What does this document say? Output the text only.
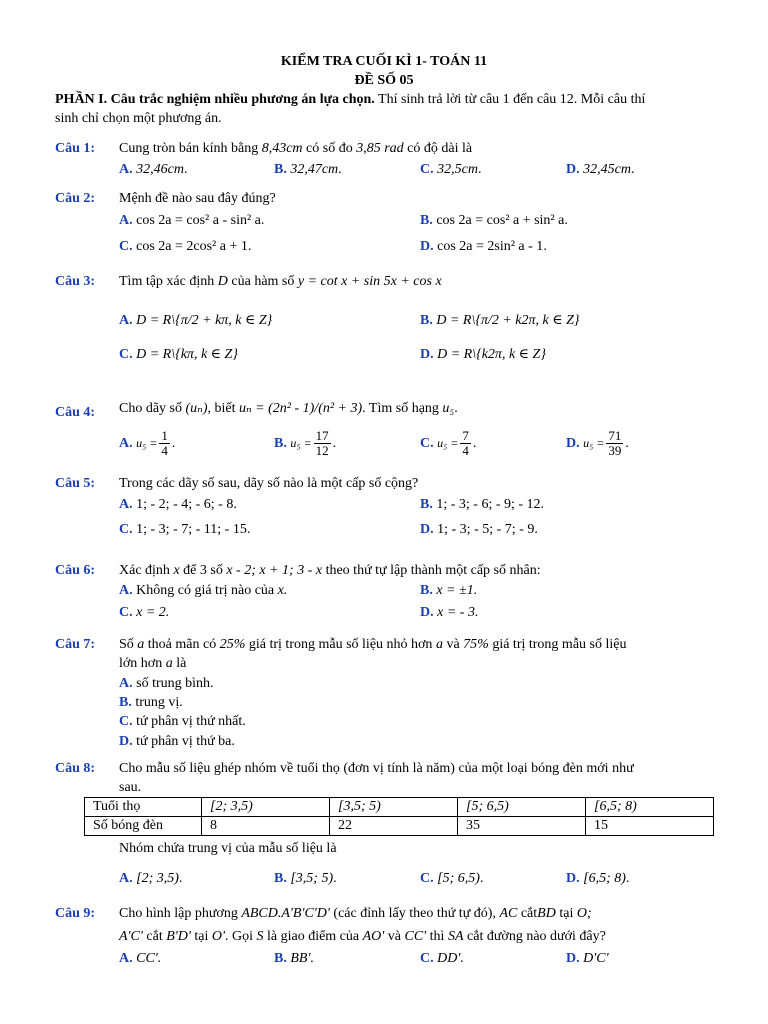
KIỂM TRA CUỐI KÌ 1- TOÁN 11
ĐỀ SỐ 05
PHẦN I. Câu trắc nghiệm nhiều phương án lựa chọn. Thí sinh trả lời từ câu 1 đến câu 12. Mỗi câu thí
sinh chỉ chọn một phương án.
Câu 1: Cung tròn bán kính bằng 8,43cm có số đo 3,85 rad có độ dài là
A. 32,46cm.	B. 32,47cm.	C. 32,5cm.	D. 32,45cm.
Câu 2: Mệnh đề nào sau đây đúng?
A. cos 2a = cos² a - sin² a.	B. cos 2a = cos² a + sin² a.
C. cos 2a = 2cos² a + 1.	D. cos 2a = 2sin² a - 1.
Câu 3: Tìm tập xác định D của hàm số y = cot x + sin 5x + cos x
A. D = R\{π/2 + kπ, k ∈ Z}	B. D = R\{π/2 + k2π, k ∈ Z}
C. D = R\{kπ, k ∈ Z}	D. D = R\{k2π, k ∈ Z}
Câu 4: Cho dãy số (uₙ), biết uₙ = (2n² - 1)/(n² + 3). Tìm số hạng u₅.
A. $u_5 = \frac{1}{4}$ .	B. $u_5 = \frac{17}{12}$ .	C. $u_5 = \frac{7}{4}$ .	D. $u_5 = \frac{71}{39}$ .
Câu 5: Trong các dãy số sau, dãy số nào là một cấp số cộng?
A. 1; - 2; - 4; - 6; - 8.	B. 1; - 3; - 6; - 9; - 12.
C. 1; - 3; - 7; - 11; - 15.	D. 1; - 3; - 5; - 7; - 9.
Câu 6: Xác định x để 3 số x - 2; x + 1; 3 - x theo thứ tự lập thành một cấp số nhân:
A. Không có giá trị nào của x.	B. x = ±1.
C. x = 2.	D. x = - 3.
Câu 7: Số a thoả mãn có 25% giá trị trong mẫu số liệu nhỏ hơn a và 75% giá trị trong mẫu số liệu
lớn hơn a là
A. số trung bình.
B. trung vị.
C. tứ phân vị thứ nhất.
D. tứ phân vị thứ ba.
Câu 8: Cho mẫu số liệu ghép nhóm về tuổi thọ (đơn vị tính là năm) của một loại bóng đèn mới như
sau.
Tuổi thọ	[2; 3,5)	[3,5; 5)	[5; 6,5)	[6,5; 8)
Số bóng đèn	8	22	35	15
Nhóm chứa trung vị của mẫu số liệu là
A. [2; 3,5).	B. [3,5; 5).	C. [5; 6,5).	D. [6,5; 8).
Câu 9: Cho hình lập phương ABCD.A'B'C'D' (các đỉnh lấy theo thứ tự đó), AC cắtBD tại O;
A'C' cắt B'D' tại O'. Gọi S là giao điểm của AO' và CC' thì SA cắt đường nào dưới đây?
A. CC'.	B. BB'.	C. DD'.	D. D'C'
